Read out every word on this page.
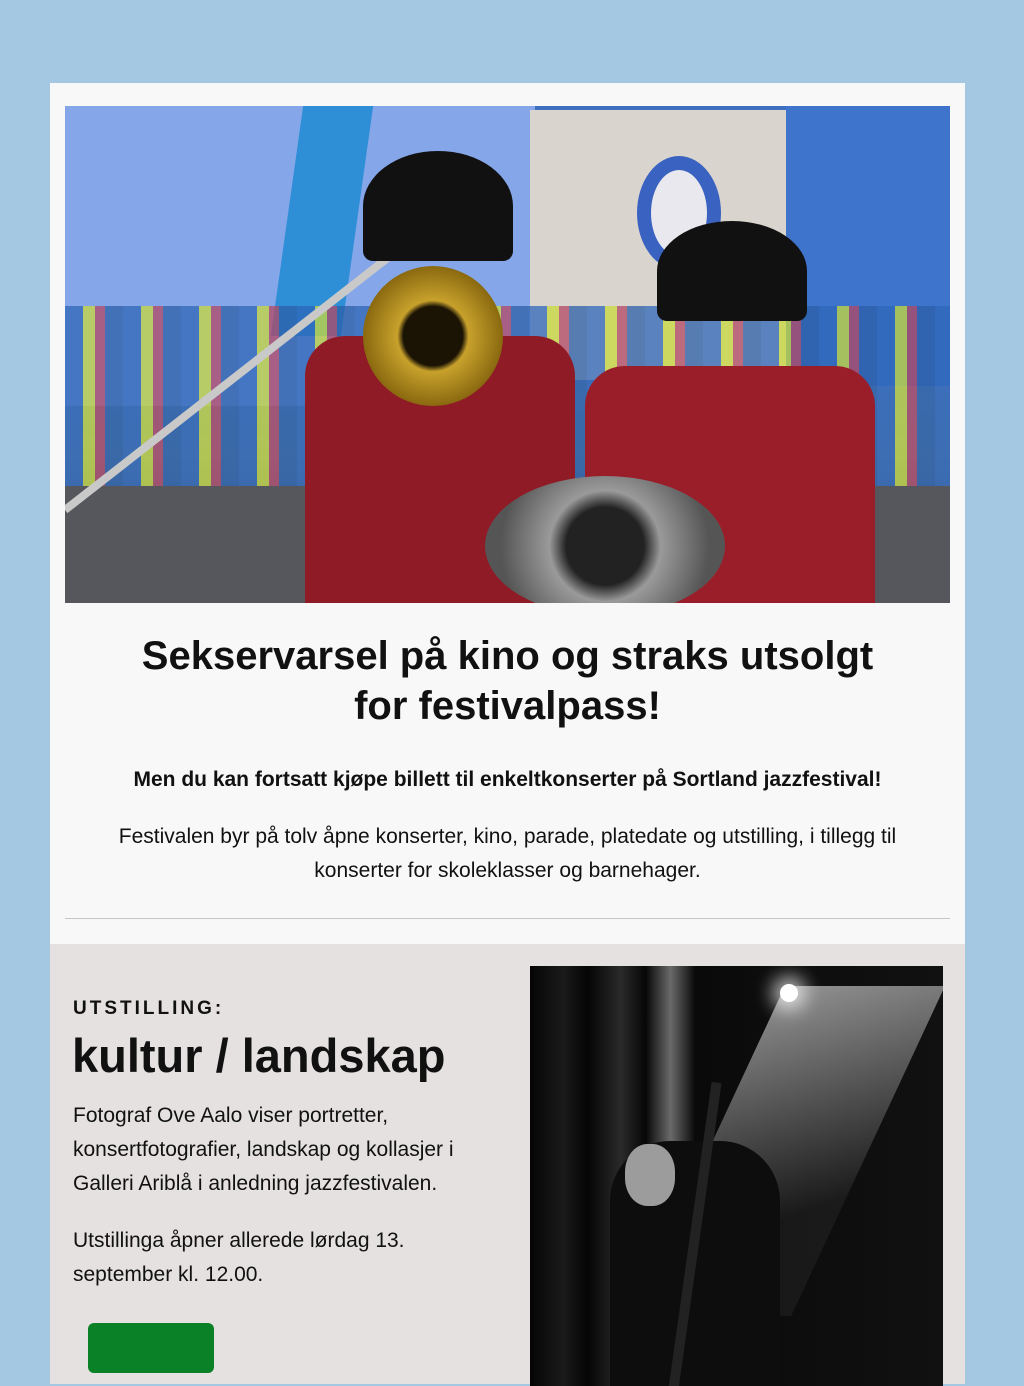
Sekservarsel på kino og straks utsolgt
for festivalpass!

Men du kan fortsatt kjøpe billett til enkeltkonserter på Sortland jazzfestival!

Festivalen byr på tolv åpne konserter, kino, parade, platedate og utstilling, i tillegg til konserter for skoleklasser og barnehager.

UTSTILLING:

kultur / landskap

Fotograf Ove Aalo viser portretter, konsertfotografier, landskap og kollasjer i Galleri Ariblå i anledning jazzfestivalen.

Utstillinga åpner allerede lørdag 13. september kl. 12.00.
